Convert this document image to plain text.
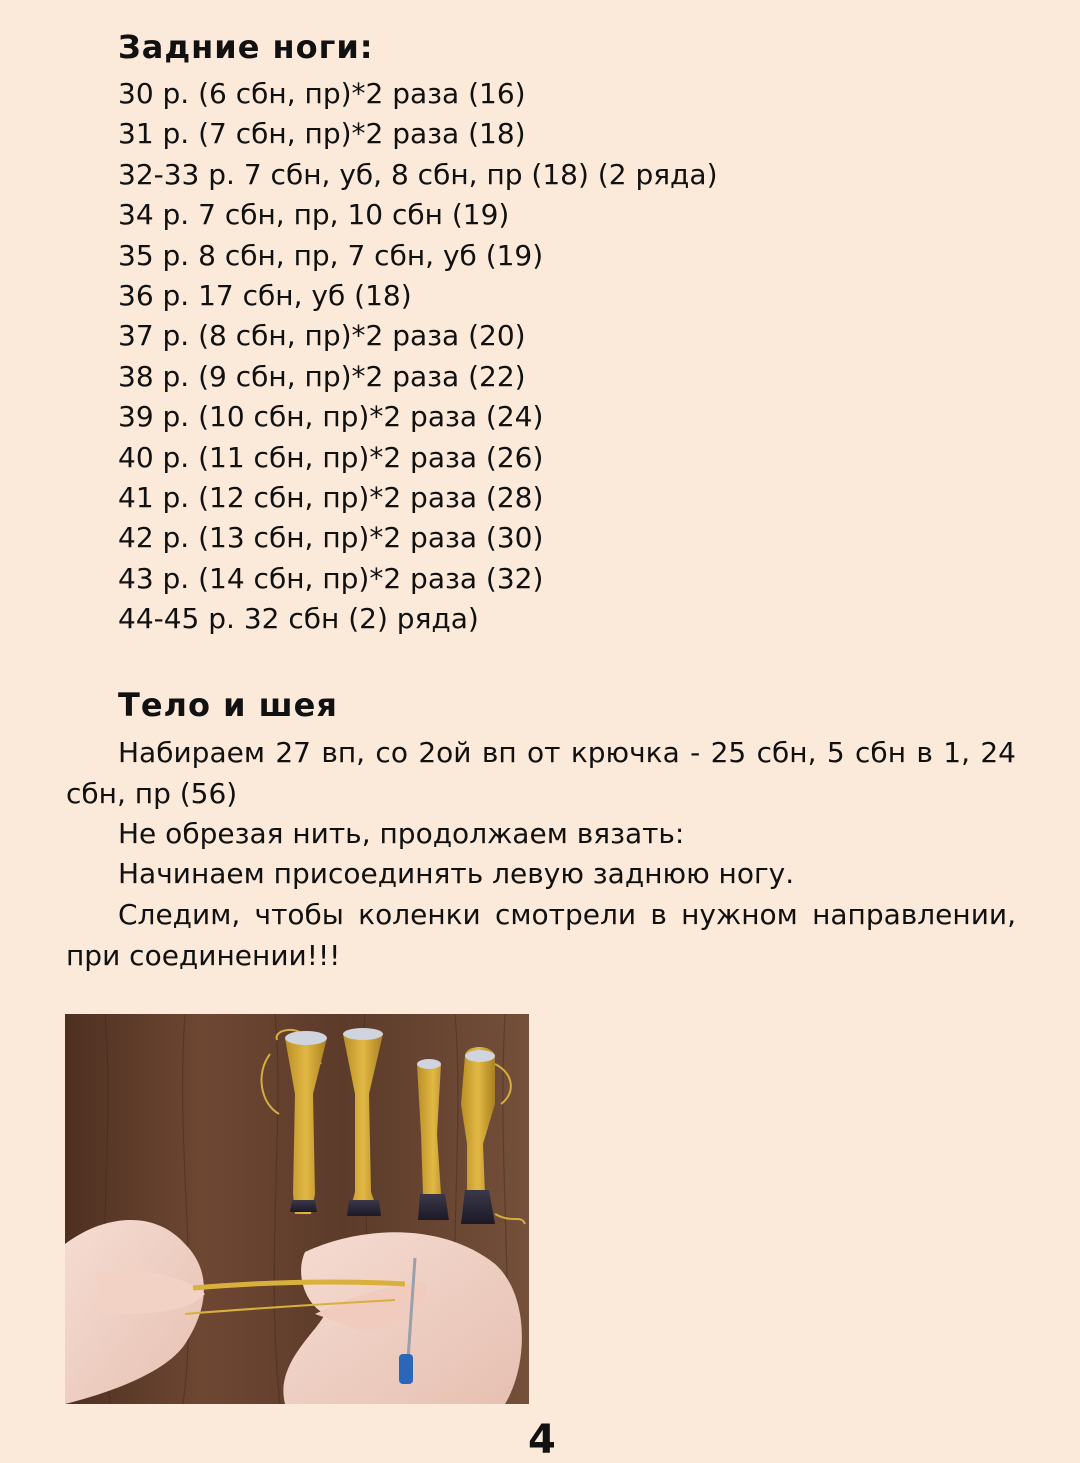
Задние ноги:
30 р. (6 сбн, пр)*2 раза (16)
31 р. (7 сбн, пр)*2 раза (18)
32-33 р. 7 сбн, уб, 8 сбн, пр (18) (2 ряда)
34 р. 7 сбн, пр, 10 сбн (19)
35 р. 8 сбн, пр, 7 сбн, уб (19)
36 р. 17 сбн, уб (18)
37 р. (8 сбн, пр)*2 раза (20)
38 р. (9 сбн, пр)*2 раза (22)
39 р. (10 сбн, пр)*2 раза (24)
40 р. (11 сбн, пр)*2 раза (26)
41 р. (12 сбн, пр)*2 раза (28)
42 р. (13 сбн, пр)*2 раза (30)
43 р. (14 сбн, пр)*2 раза (32)
44-45 р. 32 сбн (2) ряда)
Тело и шея

Набираем 27 вп, со 2ой вп от крючка - 25 сбн, 5 сбн в 1, 24 сбн, пр (56)

Не обрезая нить, продолжаем вязать:

Начинаем присоединять левую заднюю ногу.

Следим, чтобы коленки смотрели в нужном направлении, при соединении!!!

4
